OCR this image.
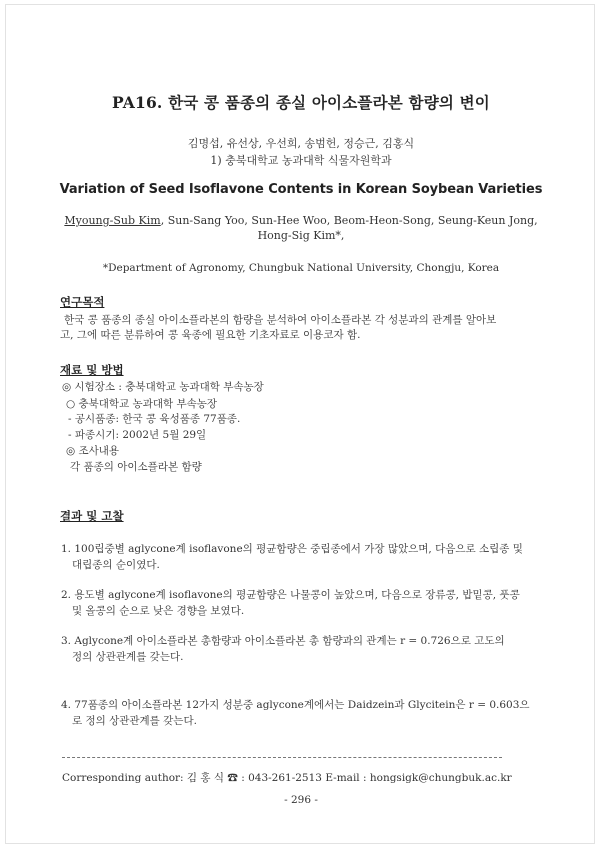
PA16. 한국 콩 품종의 종실 아이소플라본 함량의 변이
김명섭, 유선상, 우선희, 송범헌, 정승근, 김홍식
1) 충북대학교 농과대학 식물자원학과
Variation of Seed Isoflavone Contents in Korean Soybean Varieties
Myoung-Sub Kim, Sun-Sang Yoo, Sun-Hee Woo, Beom-Heon-Song, Seung-Keun Jong,
Hong-Sig Kim*,
*Department of Agronomy, Chungbuk National University, Chongju, Korea
연구목적
한국 콩 품종의 종실 아이소플라본의 함량을 분석하여 아이소플라본 각 성분과의 관계를 알아보
고, 그에 따른 분류하여 콩 육종에 필요한 기초자료로 이용코자 함.
재료 및 방법
◎ 시험장소 : 충북대학교 농과대학 부속농장
○ 충북대학교 농과대학 부속농장
- 공시품종: 한국 콩 육성품종 77품종.
- 파종시기: 2002년 5월 29일
◎ 조사내용
각 품종의 아이소플라본 함량
결과 및 고찰
1. 100립중별 aglycone계 isoflavone의 평균함량은 중립종에서 가장 많았으며, 다음으로 소립종 및
대립종의 순이였다.
2. 용도별 aglycone계 isoflavone의 평균함량은 나물콩이 높았으며, 다음으로 장류콩, 밥밑콩, 풋콩
및 올콩의 순으로 낮은 경향을 보였다.
3. Aglycone계 아이소플라본 총함량과 아이소플라본 총 함량과의 관계는 r = 0.726으로 고도의
정의 상관관계를 갖는다.
4. 77품종의 아이소플라본 12가지 성분중 aglycone계에서는 Daidzein과 Glycitein은 r = 0.603으
로 정의 상관관계를 갖는다.
Corresponding author: 김 홍 식 ☎ : 043-261-2513 E-mail : hongsigk@chungbuk.ac.kr
- 296 -
